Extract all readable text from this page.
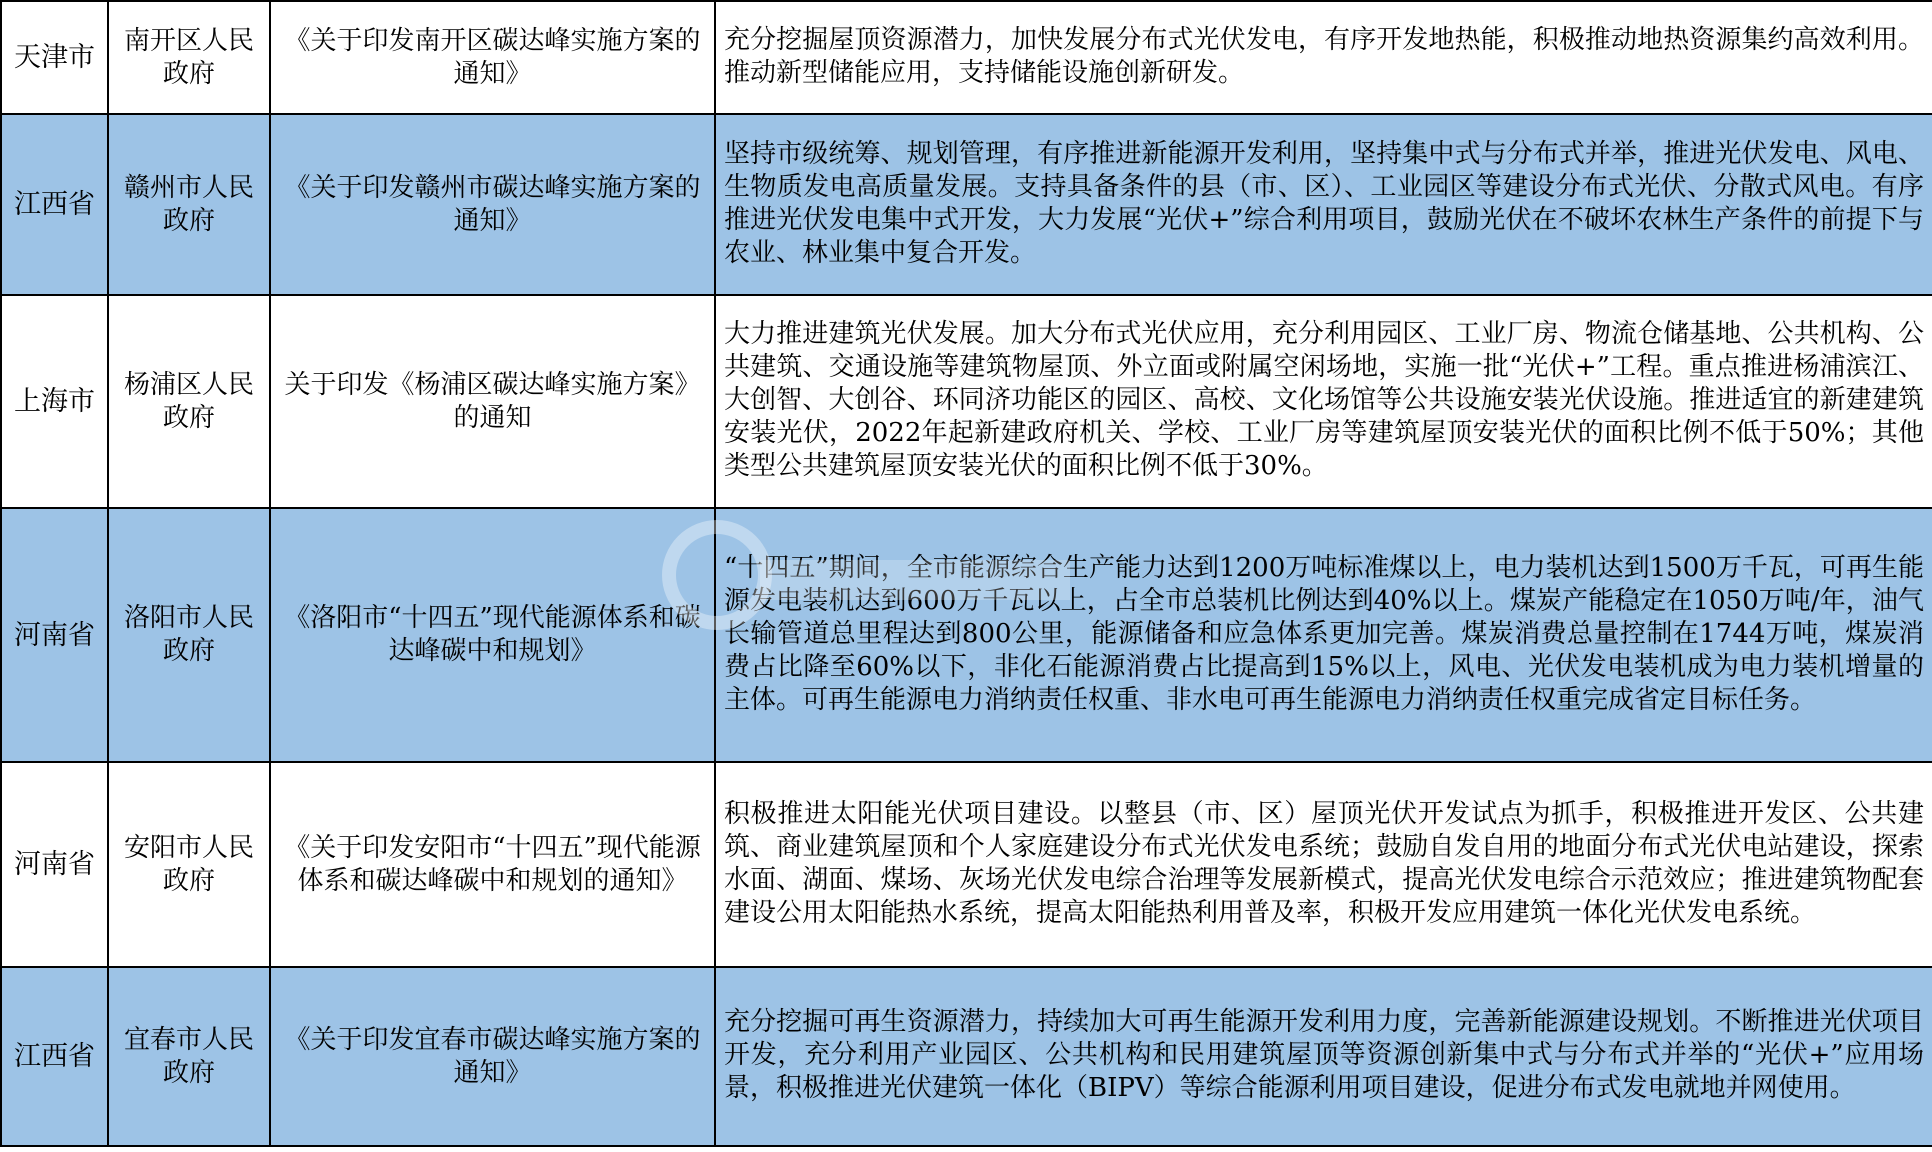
天津市	南开区人民政府	《关于印发南开区碳达峰实施方案的通知》	充分挖掘屋顶资源潜力，加快发展分布式光伏发电，有序开发地热能，积极推动地热资源集约高效利用。推动新型储能应用，支持储能设施创新研发。
江西省	赣州市人民政府	《关于印发赣州市碳达峰实施方案的通知》	坚持市级统筹、规划管理，有序推进新能源开发利用，坚持集中式与分布式并举，推进光伏发电、风电、生物质发电高质量发展。支持具备条件的县（市、区）、工业园区等建设分布式光伏、分散式风电。有序推进光伏发电集中式开发，大力发展“光伏+”综合利用项目，鼓励光伏在不破坏农林生产条件的前提下与农业、林业集中复合开发。
上海市	杨浦区人民政府	关于印发《杨浦区碳达峰实施方案》的通知	大力推进建筑光伏发展。加大分布式光伏应用，充分利用园区、工业厂房、物流仓储基地、公共机构、公共建筑、交通设施等建筑物屋顶、外立面或附属空闲场地，实施一批“光伏+”工程。重点推进杨浦滨江、大创智、大创谷、环同济功能区的园区、高校、文化场馆等公共设施安装光伏设施。推进适宜的新建建筑安装光伏，2022年起新建政府机关、学校、工业厂房等建筑屋顶安装光伏的面积比例不低于50%；其他类型公共建筑屋顶安装光伏的面积比例不低于30%。
河南省	洛阳市人民政府	《洛阳市“十四五”现代能源体系和碳达峰碳中和规划》	“十四五”期间，全市能源综合生产能力达到1200万吨标准煤以上，电力装机达到1500万千瓦，可再生能源发电装机达到600万千瓦以上，占全市总装机比例达到40%以上。煤炭产能稳定在1050万吨/年，油气长输管道总里程达到800公里，能源储备和应急体系更加完善。煤炭消费总量控制在1744万吨，煤炭消费占比降至60%以下，非化石能源消费占比提高到15%以上，风电、光伏发电装机成为电力装机增量的主体。可再生能源电力消纳责任权重、非水电可再生能源电力消纳责任权重完成省定目标任务。
河南省	安阳市人民政府	《关于印发安阳市“十四五”现代能源体系和碳达峰碳中和规划的通知》	积极推进太阳能光伏项目建设。以整县（市、区）屋顶光伏开发试点为抓手，积极推进开发区、公共建筑、商业建筑屋顶和个人家庭建设分布式光伏发电系统；鼓励自发自用的地面分布式光伏电站建设，探索水面、湖面、煤场、灰场光伏发电综合治理等发展新模式，提高光伏发电综合示范效应；推进建筑物配套建设公用太阳能热水系统，提高太阳能热利用普及率，积极开发应用建筑一体化光伏发电系统。
江西省	宜春市人民政府	《关于印发宜春市碳达峰实施方案的通知》	充分挖掘可再生资源潜力，持续加大可再生能源开发利用力度，完善新能源建设规划。不断推进光伏项目开发，充分利用产业园区、公共机构和民用建筑屋顶等资源创新集中式与分布式并举的“光伏+”应用场景，积极推进光伏建筑一体化（BIPV）等综合能源利用项目建设，促进分布式发电就地并网使用。
